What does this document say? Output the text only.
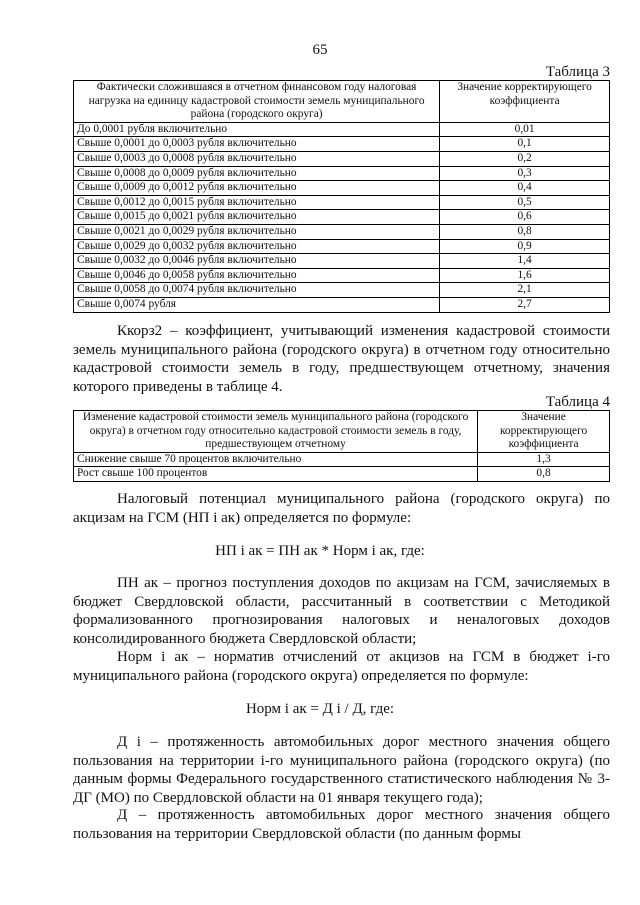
65
Таблица 3
Фактически сложившаяся в отчетном финансовом году налоговая нагрузка на единицу кадастровой стоимости земель муниципального района (городского округа)	Значение корректирующего коэффициента
До 0,0001 рубля включительно	0,01
Свыше 0,0001 до 0,0003 рубля включительно	0,1
Свыше 0,0003 до 0,0008 рубля включительно	0,2
Свыше 0,0008 до 0,0009 рубля включительно	0,3
Свыше 0,0009 до 0,0012 рубля включительно	0,4
Свыше 0,0012 до 0,0015 рубля включительно	0,5
Свыше 0,0015 до 0,0021 рубля включительно	0,6
Свыше 0,0021 до 0,0029 рубля включительно	0,8
Свыше 0,0029 до 0,0032 рубля включительно	0,9
Свыше 0,0032 до 0,0046 рубля включительно	1,4
Свыше 0,0046 до 0,0058 рубля включительно	1,6
Свыше 0,0058 до 0,0074 рубля включительно	2,1
Свыше 0,0074 рубля	2,7

Ккорз2 – коэффициент, учитывающий изменения кадастровой стоимости земель муниципального района (городского округа) в отчетном году относительно кадастровой стоимости земель в году, предшествующем отчетному, значения которого приведены в таблице 4.

Таблица 4
Изменение кадастровой стоимости земель муниципального района (городского округа) в отчетном году относительно кадастровой стоимости земель в году, предшествующем отчетному	Значение корректирующего коэффициента
Снижение свыше 70 процентов включительно	1,3
Рост свыше 100 процентов	0,8

Налоговый потенциал муниципального района (городского округа) по акцизам на ГСМ (НП i ак) определяется по формуле:

НП i ак = ПН ак * Норм i ак, где:

ПН ак – прогноз поступления доходов по акцизам на ГСМ, зачисляемых в бюджет Свердловской области, рассчитанный в соответствии с Методикой формализованного прогнозирования налоговых и неналоговых доходов консолидированного бюджета Свердловской области;

Норм i ак – норматив отчислений от акцизов на ГСМ в бюджет i-го муниципального района (городского округа) определяется по формуле:

Норм i ак = Д i / Д, где:

Д i – протяженность автомобильных дорог местного значения общего пользования на территории i-го муниципального района (городского округа) (по данным формы Федерального государственного статистического наблюдения № 3-ДГ (МО) по Свердловской области на 01 января текущего года);

Д – протяженность автомобильных дорог местного значения общего пользования на территории Свердловской области (по данным формы
